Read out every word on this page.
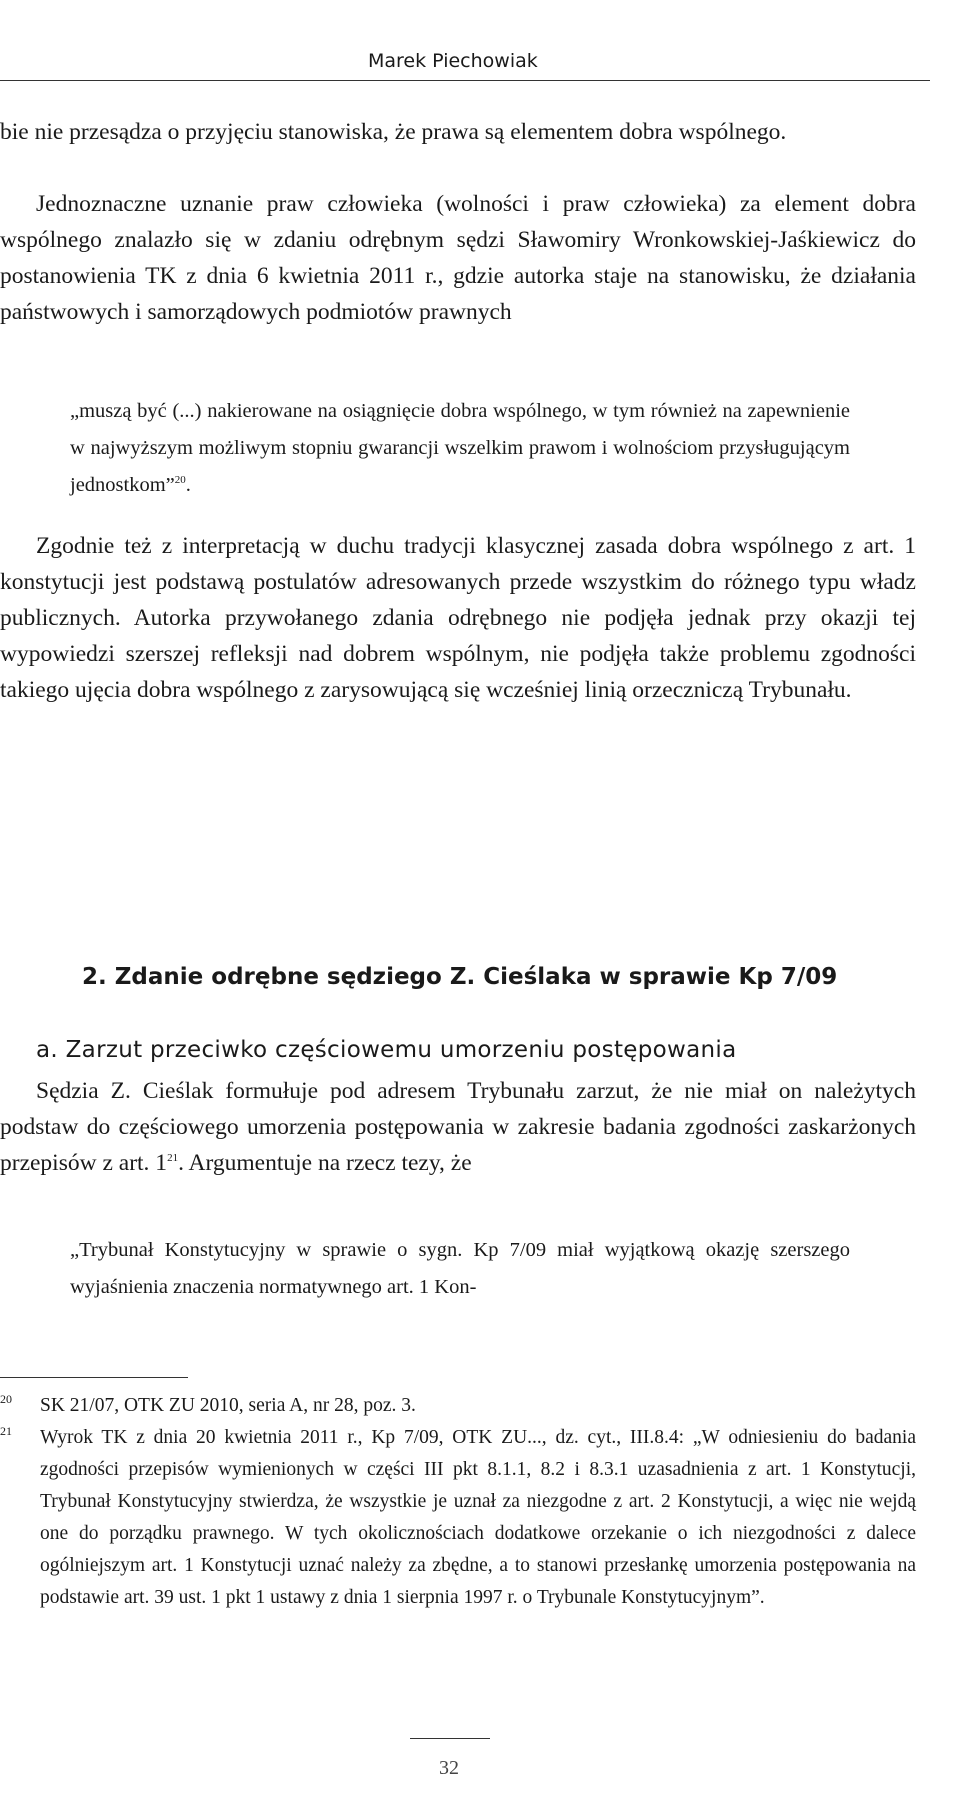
Marek Piechowiak

bie nie przesądza o przyjęciu stanowiska, że prawa są elementem dobra wspólnego.

Jednoznaczne uznanie praw człowieka (wolności i praw człowieka) za element dobra wspólnego znalazło się w zdaniu odrębnym sędzi Sławomiry Wronkowskiej-Jaśkiewicz do postanowienia TK z dnia 6 kwietnia 2011 r., gdzie autorka staje na stanowisku, że działania państwowych i samorządowych podmiotów prawnych

„muszą być (...) nakierowane na osiągnięcie dobra wspólnego, w tym również na zapewnienie w najwyższym możliwym stopniu gwarancji wszelkim prawom i wolnościom przysługującym jednostkom”$^{20}$.

Zgodnie też z interpretacją w duchu tradycji klasycznej zasada dobra wspólnego z art. 1 konstytucji jest podstawą postulatów adresowanych przede wszystkim do różnego typu władz publicznych. Autorka przywołanego zdania odrębnego nie podjęła jednak przy okazji tej wypowiedzi szerszej refleksji nad dobrem wspólnym, nie podjęła także problemu zgodności takiego ujęcia dobra wspólnego z zarysowującą się wcześniej linią orzeczniczą Trybunału.

2. Zdanie odrębne sędziego Z. Cieślaka w sprawie Kp 7/09
a. Zarzut przeciwko częściowemu umorzeniu postępowania

Sędzia Z. Cieślak formułuje pod adresem Trybunału zarzut, że nie miał on należytych podstaw do częściowego umorzenia postępowania w zakresie badania zgodności zaskarżonych przepisów z art. $1^{21}$. Argumentuje na rzecz tezy, że

„Trybunał Konstytucyjny w sprawie o sygn. Kp 7/09 miał wyjątkową okazję szerszego wyjaśnienia znaczenia normatywnego art. 1 Kon-

20 SK 21/07, OTK ZU 2010, seria A, nr 28, poz. 3.
21 Wyrok TK z dnia 20 kwietnia 2011 r., Kp 7/09, OTK ZU..., dz. cyt., III.8.4: „W odniesieniu do badania zgodności przepisów wymienionych w części III pkt 8.1.1, 8.2 i 8.3.1 uzasadnienia z art. 1 Konstytucji, Trybunał Konstytucyjny stwierdza, że wszystkie je uznał za niezgodne z art. 2 Konstytucji, a więc nie wejdą one do porządku prawnego. W tych okolicznościach dodatkowe orzekanie o ich niezgodności z dalece ogólniejszym art. 1 Konstytucji uznać należy za zbędne, a to stanowi przesłankę umorzenia postępowania na podstawie art. 39 ust. 1 pkt 1 ustawy z dnia 1 sierpnia 1997 r. o Trybunale Konstytucyjnym”.
32
